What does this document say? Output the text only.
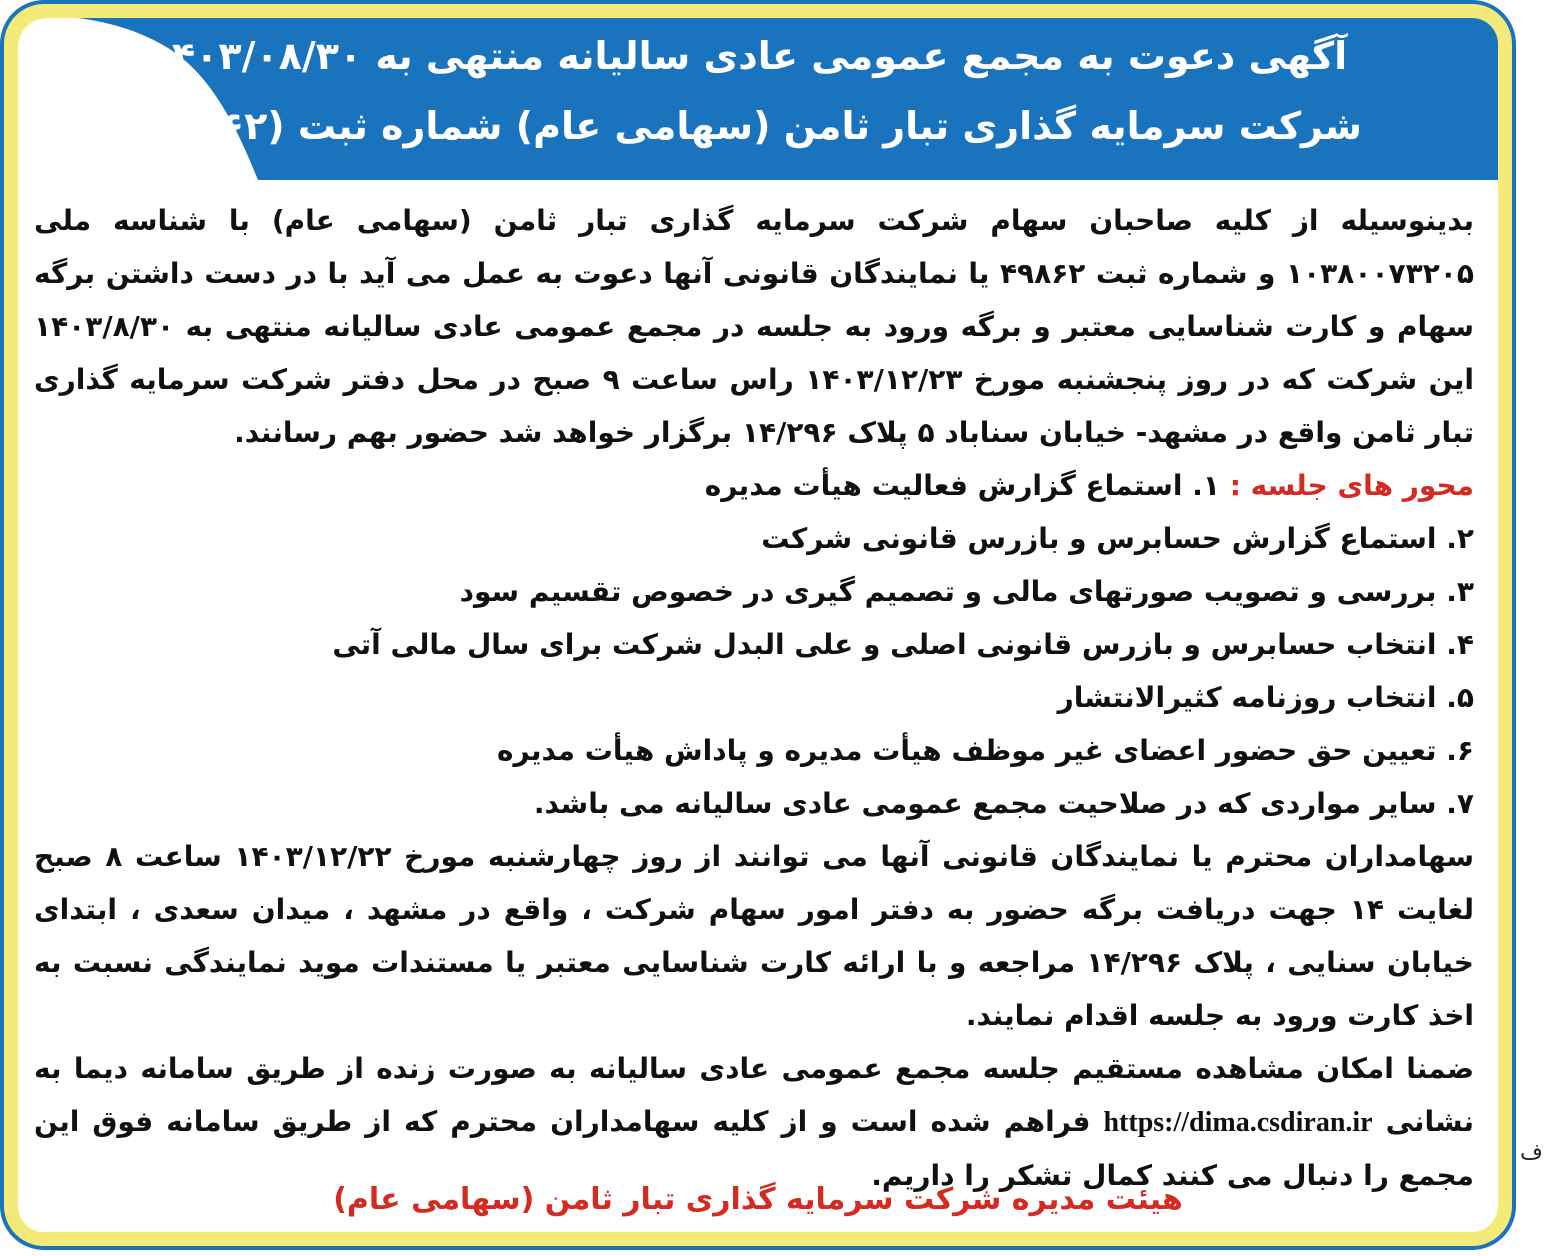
آگهی دعوت به مجمع عمومی عادی سالیانه منتهی به ۱۴۰۳/۰۸/۳۰
شرکت سرمایه گذاری تبار ثامن (سهامی عام) شماره ثبت (۴۹۸۶۲)

بدینوسیله از کلیه صاحبان سهام شرکت سرمایه گذاری تبار ثامن (سهامی عام) با شناسه ملی ۱۰۳۸۰۰۷۳۲۰۵ و شماره ثبت ۴۹۸۶۲ یا نمایندگان قانونی آنها دعوت به عمل می آید با در دست داشتن برگه سهام و کارت شناسایی معتبر و برگه ورود به جلسه در مجمع عمومی عادی سالیانه منتهی به ۱۴۰۳/۸/۳۰ این شرکت که در روز پنجشنبه مورخ ۱۴۰۳/۱۲/۲۳ راس ساعت ۹ صبح در محل دفتر شرکت سرمایه گذاری تبار ثامن واقع در مشهد- خیابان سناباد ۵ پلاک ۱۴/۲۹۶ برگزار خواهد شد حضور بهم رسانند.

محور های جلسه : ۱. استماع گزارش فعالیت هیأت مدیره
۲. استماع گزارش حسابرس و بازرس قانونی شرکت
۳. بررسی و تصویب صورتهای مالی و تصمیم گیری در خصوص تقسیم سود
۴. انتخاب حسابرس و بازرس قانونی اصلی و علی البدل شرکت برای سال مالی آتی
۵. انتخاب روزنامه کثیرالانتشار
۶. تعیین حق حضور اعضای غیر موظف هیأت مدیره و پاداش هیأت مدیره
۷. سایر مواردی که در صلاحیت مجمع عمومی عادی سالیانه می باشد.

سهامداران محترم یا نمایندگان قانونی آنها می توانند از روز چهارشنبه مورخ ۱۴۰۳/۱۲/۲۲ ساعت ۸ صبح لغایت ۱۴ جهت دریافت برگه حضور به دفتر امور سهام شرکت ، واقع در مشهد ، میدان سعدی ، ابتدای خیابان سنایی ، پلاک ۱۴/۲۹۶ مراجعه و با ارائه کارت شناسایی معتبر یا مستندات موید نمایندگی نسبت به اخذ کارت ورود به جلسه اقدام نمایند.

ضمنا امکان مشاهده مستقیم جلسه مجمع عمومی عادی سالیانه به صورت زنده از طریق سامانه دیما به نشانی https://dima.csdiran.ir فراهم شده است و از کلیه سهامداران محترم که از طریق سامانه فوق این مجمع را دنبال می کنند کمال تشکر را داریم.

هیئت مدیره شرکت سرمایه گذاری تبار ثامن (سهامی عام)
ف
